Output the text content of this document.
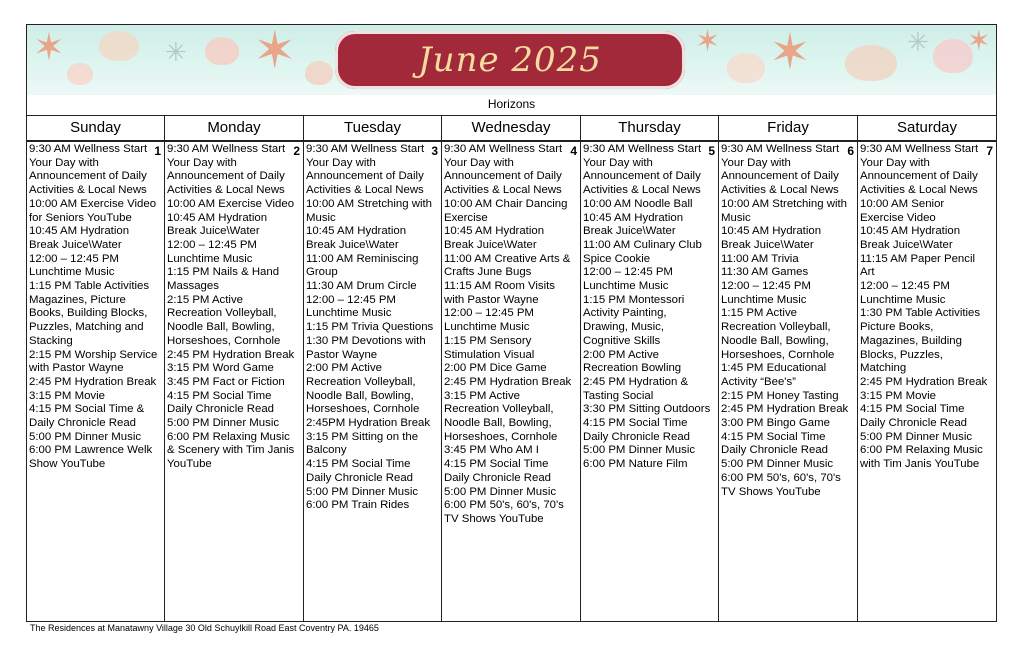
✶	✳ ✶	✶ ✶	✳ ✶
June 2025
Horizons
Sunday	Monday	Tuesday	Wednesday	Thursday	Friday	Saturday
1
9:30 AM Wellness Start
Your Day with
Announcement of Daily
Activities & Local News
10:00 AM Exercise Video
for Seniors YouTube
10:45 AM Hydration
Break Juice\Water
12:00 – 12:45 PM
Lunchtime Music
1:15 PM Table Activities
Magazines, Picture
Books, Building Blocks,
Puzzles, Matching and
Stacking
2:15 PM Worship Service
with Pastor Wayne
2:45 PM Hydration Break
3:15 PM Movie
4:15 PM Social Time &
Daily Chronicle Read
5:00 PM Dinner Music
6:00 PM Lawrence Welk
Show YouTube
2
9:30 AM Wellness Start
Your Day with
Announcement of Daily
Activities & Local News
10:00 AM Exercise Video
10:45 AM Hydration
Break Juice\Water
12:00 – 12:45 PM
Lunchtime Music
1:15 PM Nails & Hand
Massages
2:15 PM Active
Recreation Volleyball,
Noodle Ball, Bowling,
Horseshoes, Cornhole
2:45 PM Hydration Break
3:15 PM Word Game
3:45 PM Fact or Fiction
4:15 PM Social Time
Daily Chronicle Read
5:00 PM Dinner Music
6:00 PM Relaxing Music
& Scenery with Tim Janis
YouTube
3
9:30 AM Wellness Start
Your Day with
Announcement of Daily
Activities & Local News
10:00 AM Stretching with
Music
10:45 AM Hydration
Break Juice\Water
11:00 AM Reminiscing
Group
11:30 AM Drum Circle
12:00 – 12:45 PM
Lunchtime Music
1:15 PM Trivia Questions
1:30 PM Devotions with
Pastor Wayne
2:00 PM Active
Recreation Volleyball,
Noodle Ball, Bowling,
Horseshoes, Cornhole
2:45PM Hydration Break
3:15 PM Sitting on the
Balcony
4:15 PM Social Time
Daily Chronicle Read
5:00 PM Dinner Music
6:00 PM Train Rides
4
9:30 AM Wellness Start
Your Day with
Announcement of Daily
Activities & Local News
10:00 AM Chair Dancing
Exercise
10:45 AM Hydration
Break Juice\Water
11:00 AM Creative Arts &
Crafts June Bugs
11:15 AM Room Visits
with Pastor Wayne
12:00 – 12:45 PM
Lunchtime Music
1:15 PM Sensory
Stimulation Visual
2:00 PM Dice Game
2:45 PM Hydration Break
3:15 PM Active
Recreation Volleyball,
Noodle Ball, Bowling,
Horseshoes, Cornhole
3:45 PM Who AM I
4:15 PM Social Time
Daily Chronicle Read
5:00 PM Dinner Music
6:00 PM 50's, 60's, 70's
TV Shows YouTube
5
9:30 AM Wellness Start
Your Day with
Announcement of Daily
Activities & Local News
10:00 AM Noodle Ball
10:45 AM Hydration
Break Juice\Water
11:00 AM Culinary Club
Spice Cookie
12:00 – 12:45 PM
Lunchtime Music
1:15 PM Montessori
Activity Painting,
Drawing, Music,
Cognitive Skills
2:00 PM Active
Recreation Bowling
2:45 PM Hydration &
Tasting Social
3:30 PM Sitting Outdoors
4:15 PM Social Time
Daily Chronicle Read
5:00 PM Dinner Music
6:00 PM Nature Film
6
9:30 AM Wellness Start
Your Day with
Announcement of Daily
Activities & Local News
10:00 AM Stretching with
Music
10:45 AM Hydration
Break Juice\Water
11:00 AM Trivia
11:30 AM Games
12:00 – 12:45 PM
Lunchtime Music
1:15 PM Active
Recreation Volleyball,
Noodle Ball, Bowling,
Horseshoes, Cornhole
1:45 PM Educational
Activity “Bee's”
2:15 PM Honey Tasting
2:45 PM Hydration Break
3:00 PM Bingo Game
4:15 PM Social Time
Daily Chronicle Read
5:00 PM Dinner Music
6:00 PM 50's, 60's, 70's
TV Shows YouTube
7
9:30 AM Wellness Start
Your Day with
Announcement of Daily
Activities & Local News
10:00 AM Senior
Exercise Video
10:45 AM Hydration
Break Juice\Water
11:15 AM Paper Pencil
Art
12:00 – 12:45 PM
Lunchtime Music
1:30 PM Table Activities
Picture Books,
Magazines, Building
Blocks, Puzzles,
Matching
2:45 PM Hydration Break
3:15 PM Movie
4:15 PM Social Time
Daily Chronicle Read
5:00 PM Dinner Music
6:00 PM Relaxing Music
with Tim Janis YouTube
The Residences at Manatawny Village 30 Old Schuylkill Road East Coventry PA. 19465
